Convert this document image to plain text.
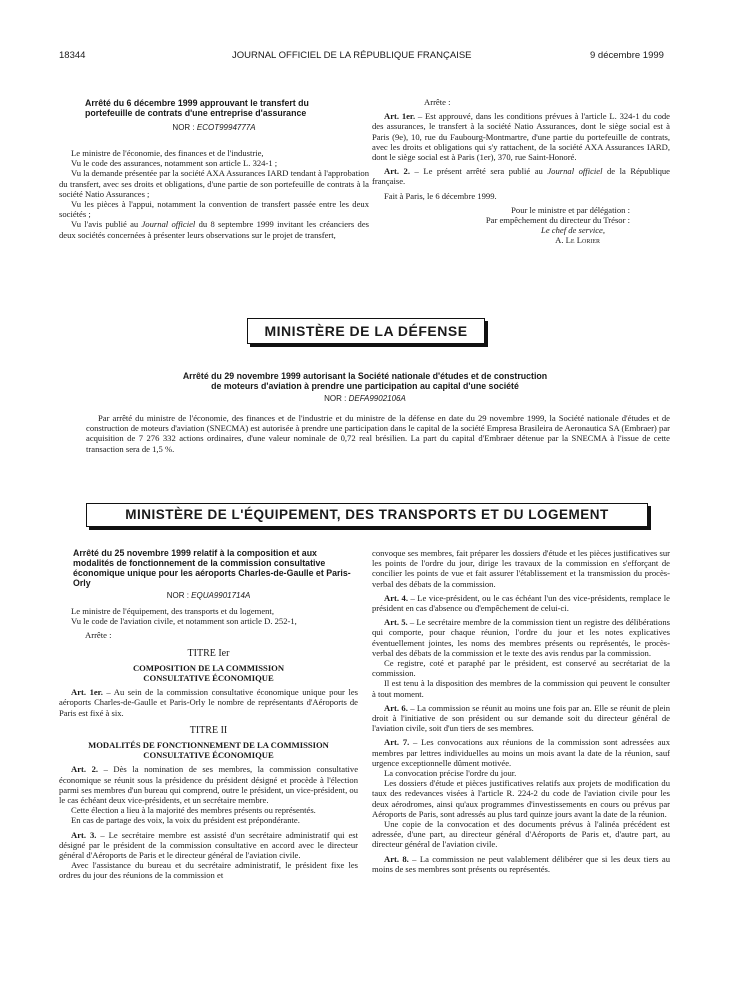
18344	JOURNAL OFFICIEL DE LA RÉPUBLIQUE FRANÇAISE	9 décembre 1999
Arrêté du 6 décembre 1999 approuvant le transfert du portefeuille de contrats d'une entreprise d'assurance
NOR : ECOT9994777A

Le ministre de l'économie, des finances et de l'industrie,

Vu le code des assurances, notamment son article L. 324-1 ;

Vu la demande présentée par la société AXA Assurances IARD tendant à l'approbation du transfert, avec ses droits et obligations, d'une partie de son portefeuille de contrats à la société Natio Assurances ;

Vu les pièces à l'appui, notamment la convention de transfert passée entre les deux sociétés ;

Vu l'avis publié au Journal officiel du 8 septembre 1999 invitant les créanciers des deux sociétés concernées à présenter leurs observations sur le projet de transfert,

Arrête :

Art. 1er. – Est approuvé, dans les conditions prévues à l'article L. 324-1 du code des assurances, le transfert à la société Natio Assurances, dont le siège social est à Paris (9e), 10, rue du Faubourg-Montmartre, d'une partie du portefeuille de contrats, avec les droits et obligations qui s'y rattachent, de la société AXA Assurances IARD, dont le siège social est à Paris (1er), 370, rue Saint-Honoré.

Art. 2. – Le présent arrêté sera publié au Journal officiel de la République française.

Fait à Paris, le 6 décembre 1999.

Pour le ministre et par délégation :

Par empêchement du directeur du Trésor :

Le chef de service,

A. Le Lorier

MINISTÈRE DE LA DÉFENSE
Arrêté du 29 novembre 1999 autorisant la Société nationale d'études et de construction
de moteurs d'aviation à prendre une participation au capital d'une société
NOR : DEFA9902106A

Par arrêté du ministre de l'économie, des finances et de l'industrie et du ministre de la défense en date du 29 novembre 1999, la Société nationale d'études et de construction de moteurs d'aviation (SNECMA) est autorisée à prendre une participation dans le capital de la société Empresa Brasileira de Aeronautica SA (Embraer) par acquisition de 7 276 332 actions ordinaires, d'une valeur nominale de 0,72 real brésilien. La part du capital d'Embraer détenue par la SNECMA à l'issue de cette transaction sera de 1,5 %.

MINISTÈRE DE L'ÉQUIPEMENT, DES TRANSPORTS ET DU LOGEMENT
Arrêté du 25 novembre 1999 relatif à la composition et aux modalités de fonctionnement de la commission consultative économique unique pour les aéroports Charles-de-Gaulle et Paris-Orly
NOR : EQUA9901714A

Le ministre de l'équipement, des transports et du logement,

Vu le code de l'aviation civile, et notamment son article D. 252-1,

Arrête :

TITRE Ier

COMPOSITION DE LA COMMISSION CONSULTATIVE ÉCONOMIQUE

Art. 1er. – Au sein de la commission consultative économique unique pour les aéroports Charles-de-Gaulle et Paris-Orly le nombre de représentants d'Aéroports de Paris est fixé à six.

TITRE II

MODALITÉS DE FONCTIONNEMENT DE LA COMMISSION CONSULTATIVE ÉCONOMIQUE

Art. 2. – Dès la nomination de ses membres, la commission consultative économique se réunit sous la présidence du président désigné et procède à l'élection parmi ses membres d'un bureau qui comprend, outre le président, un vice-président, ou le cas échéant deux vice-présidents, et un secrétaire membre.

Cette élection a lieu à la majorité des membres présents ou représentés.

En cas de partage des voix, la voix du président est prépondérante.

Art. 3. – Le secrétaire membre est assisté d'un secrétaire administratif qui est désigné par le président de la commission consultative en accord avec le directeur général d'Aéroports de Paris et le directeur général de l'aviation civile.

Avec l'assistance du bureau et du secrétaire administratif, le président fixe les ordres du jour des réunions de la commission et

convoque ses membres, fait préparer les dossiers d'étude et les pièces justificatives sur les points de l'ordre du jour, dirige les travaux de la commission en s'efforçant de concilier les points de vue et fait assurer l'établissement et la transmission du procès-verbal des débats de la commission.

Art. 4. – Le vice-président, ou le cas échéant l'un des vice-présidents, remplace le président en cas d'absence ou d'empêchement de celui-ci.

Art. 5. – Le secrétaire membre de la commission tient un registre des délibérations qui comporte, pour chaque réunion, l'ordre du jour et les notes explicatives éventuellement jointes, les noms des membres présents ou représentés, le procès-verbal des débats de la commission et le texte des avis rendus par la commission.

Ce registre, coté et paraphé par le président, est conservé au secrétariat de la commission.

Il est tenu à la disposition des membres de la commission qui peuvent le consulter à tout moment.

Art. 6. – La commission se réunit au moins une fois par an. Elle se réunit de plein droit à l'initiative de son président ou sur demande soit du directeur général de l'aviation civile, soit d'un tiers de ses membres.

Art. 7. – Les convocations aux réunions de la commission sont adressées aux membres par lettres individuelles au moins un mois avant la date de la réunion, sauf urgence exceptionnelle dûment motivée.

La convocation précise l'ordre du jour.

Les dossiers d'étude et pièces justificatives relatifs aux projets de modification du taux des redevances visées à l'article R. 224-2 du code de l'aviation civile pour les deux aérodromes, ainsi qu'aux programmes d'investissements en cours ou prévus par Aéroports de Paris, sont adressés au plus tard quinze jours avant la date de la réunion.

Une copie de la convocation et des documents prévus à l'alinéa précédent est adressée, d'une part, au directeur général d'Aéroports de Paris et, d'autre part, au directeur général de l'aviation civile.

Art. 8. – La commission ne peut valablement délibérer que si les deux tiers au moins de ses membres sont présents ou représentés.
